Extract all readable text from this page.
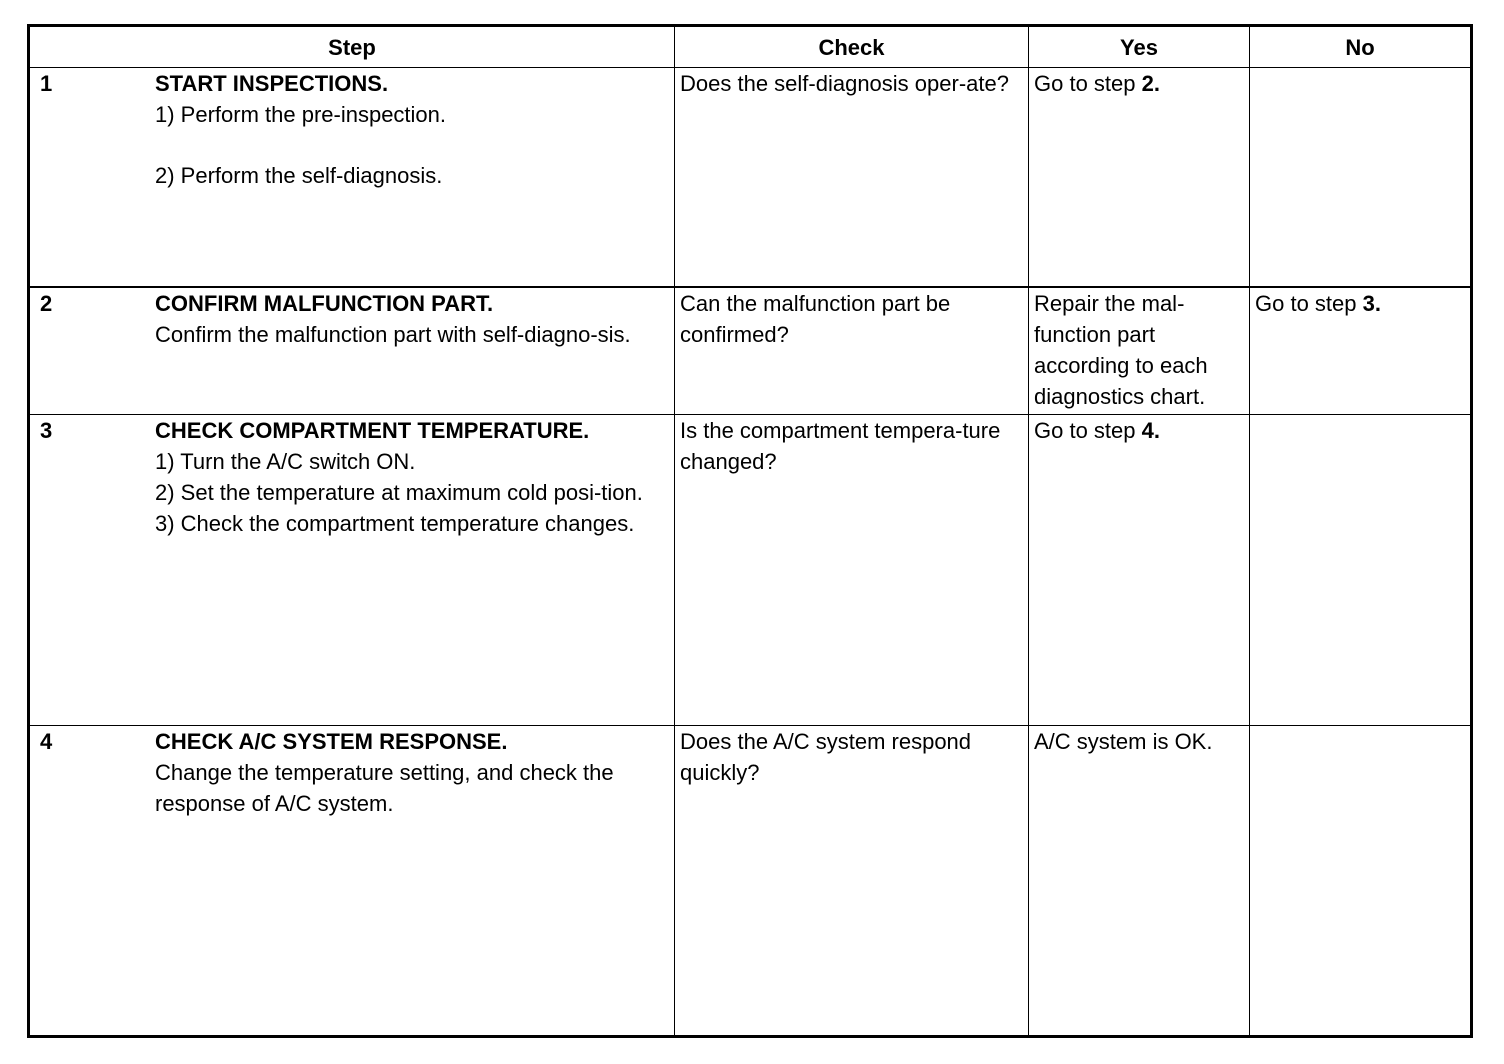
Step	Check	Yes	No

1 START INSPECTIONS.
1) Perform the pre-inspection.
2) Perform the self-diagnosis.	Does the self-diagnosis oper-ate?	Go to step 2.	

2 CONFIRM MALFUNCTION PART.
Confirm the malfunction part with self-diagno-sis.	Can the malfunction part be confirmed?	Repair the mal-function part according to each diagnostics chart.	Go to step 3.

3 CHECK COMPARTMENT TEMPERATURE.
1) Turn the A/C switch ON.
2) Set the temperature at maximum cold posi-tion.
3) Check the compartment temperature changes.	Is the compartment tempera-ture changed?	Go to step 4.	

4 CHECK A/C SYSTEM RESPONSE.
Change the temperature setting, and check the response of A/C system.	Does the A/C system respond quickly?	A/C system is OK.	
